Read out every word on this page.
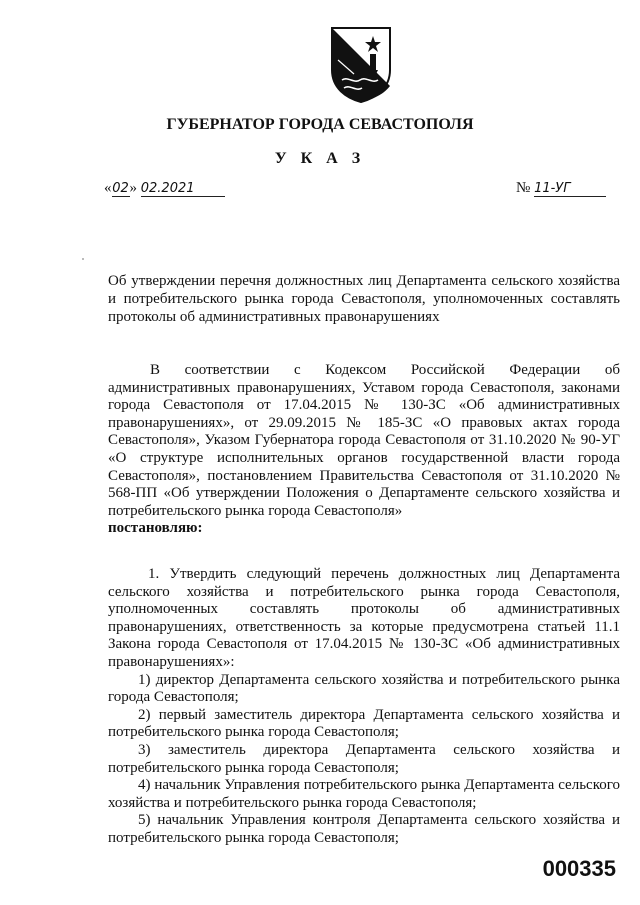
ГУБЕРНАТОР ГОРОДА СЕВАСТОПОЛЯ
У К А З
«02» 02.2021	№ 11-УГ
Об утверждении перечня должностных лиц Департамента сельского хозяйства и потребительского рынка города Севастополя, уполномоченных составлять протоколы об административных правонарушениях

В соответствии с Кодексом Российской Федерации об административных правонарушениях, Уставом города Севастополя, законами города Севастополя от 17.04.2015 № 130-ЗС «Об административных правонарушениях», от 29.09.2015 № 185-ЗС «О правовых актах города Севастополя», Указом Губернатора города Севастополя от 31.10.2020 № 90-УГ «О структуре исполнительных органов государственной власти города Севастополя», постановлением Правительства Севастополя от 31.10.2020 № 568-ПП «Об утверждении Положения о Департаменте сельского хозяйства и потребительского рынка города Севастополя»

постановляю:

1. Утвердить следующий перечень должностных лиц Департамента сельского хозяйства и потребительского рынка города Севастополя, уполномоченных составлять протоколы об административных правонарушениях, ответственность за которые предусмотрена статьей 11.1 Закона города Севастополя от 17.04.2015 № 130-ЗС «Об административных правонарушениях»:

1) директор Департамента сельского хозяйства и потребительского рынка города Севастополя;

2) первый заместитель директора Департамента сельского хозяйства и потребительского рынка города Севастополя;

3) заместитель директора Департамента сельского хозяйства и потребительского рынка города Севастополя;

4) начальник Управления потребительского рынка Департамента сельского хозяйства и потребительского рынка города Севастополя;

5) начальник Управления контроля Департамента сельского хозяйства и потребительского рынка города Севастополя;

000335
